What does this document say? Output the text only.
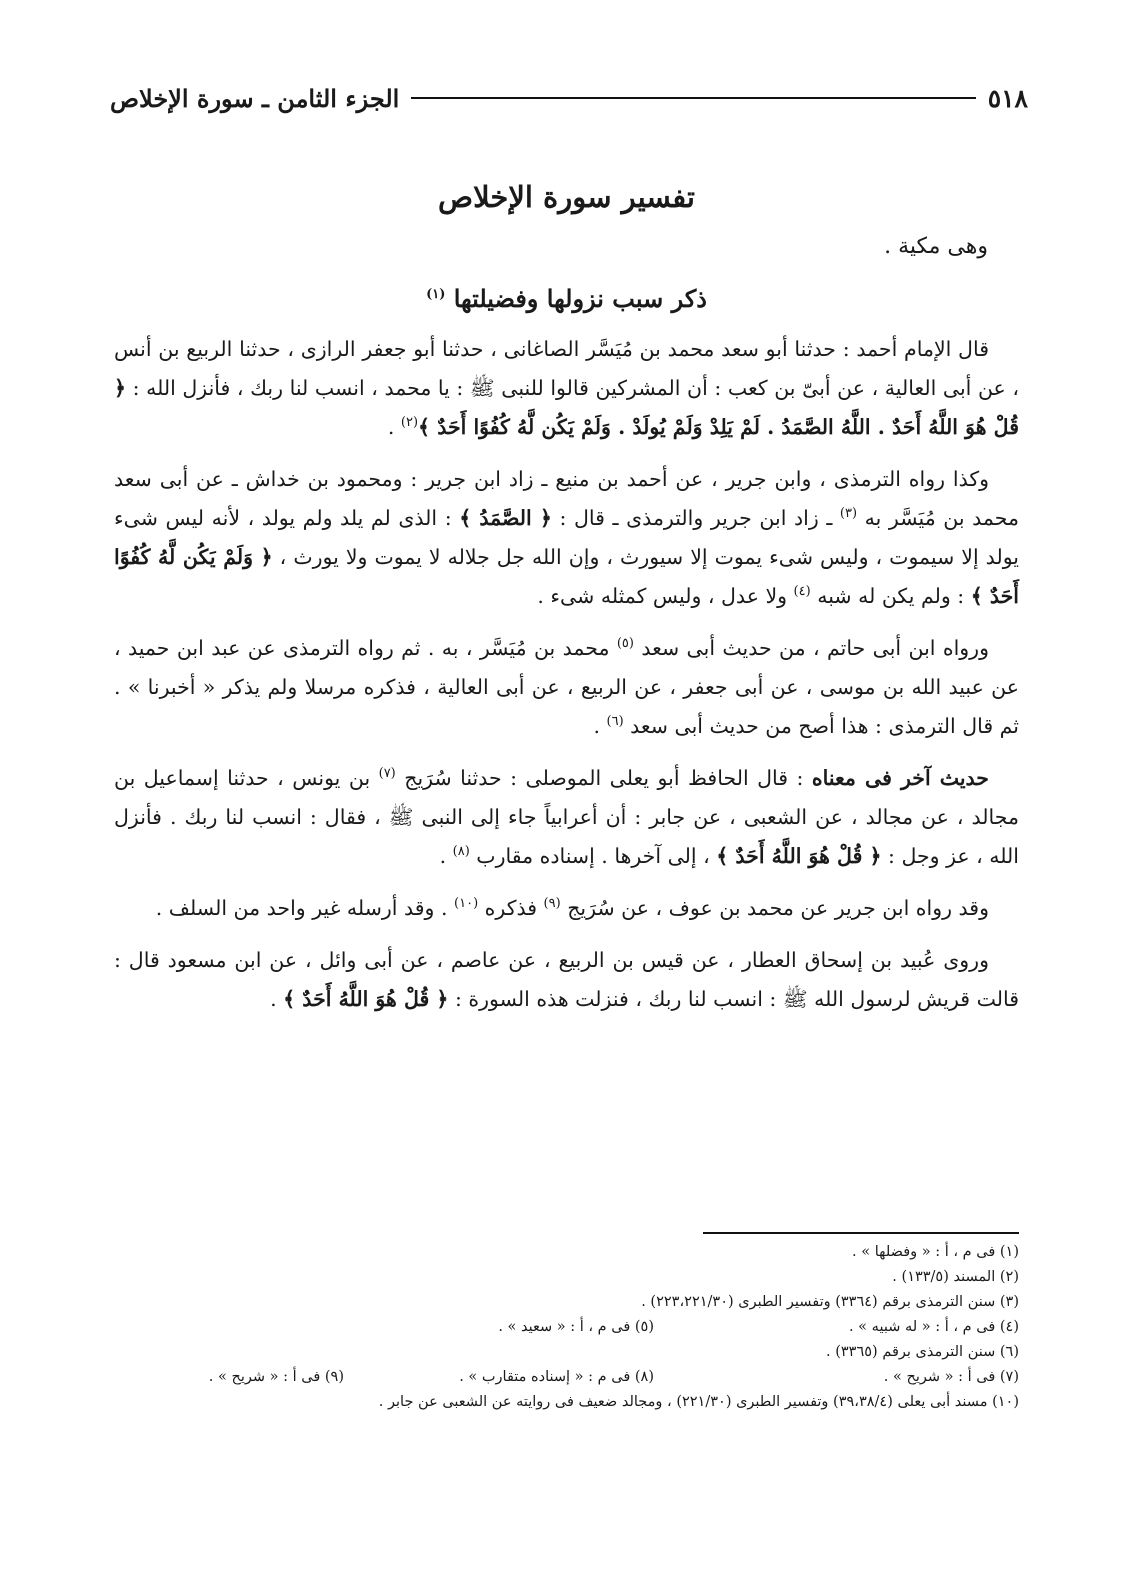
٥١٨
الجزء الثامن ـ سورة الإخلاص
تفسير سورة الإخلاص
وهى مكية .
ذكر سبب نزولها وفضيلتها $^{(١)}$

قال الإمام أحمد : حدثنا أبو سعد محمد بن مُيَسَّر الصاغانى ، حدثنا أبو جعفر الرازى ، حدثنا الربيع بن أنس ، عن أبى العالية ، عن أبىّ بن كعب : أن المشركين قالوا للنبى ﷺ : يا محمد ، انسب لنا ربك ، فأنزل الله : ﴿ قُلْ هُوَ اللَّهُ أَحَدٌ . اللَّهُ الصَّمَدُ . لَمْ يَلِدْ وَلَمْ يُولَدْ . وَلَمْ يَكُن لَّهُ كُفُوًا أَحَدٌ ﴾$^{(٢)}$ .

وكذا رواه الترمذى ، وابن جرير ، عن أحمد بن منيع ـ زاد ابن جرير : ومحمود بن خداش ـ عن أبى سعد محمد بن مُيَسَّر به $^{(٣)}$ ـ زاد ابن جرير والترمذى ـ قال : ﴿ الصَّمَدُ ﴾ : الذى لم يلد ولم يولد ، لأنه ليس شىء يولد إلا سيموت ، وليس شىء يموت إلا سيورث ، وإن الله جل جلاله لا يموت ولا يورث ، ﴿ وَلَمْ يَكُن لَّهُ كُفُوًا أَحَدٌ ﴾ : ولم يكن له شبه $^{(٤)}$ ولا عدل ، وليس كمثله شىء .

ورواه ابن أبى حاتم ، من حديث أبى سعد $^{(٥)}$ محمد بن مُيَسَّر ، به . ثم رواه الترمذى عن عبد ابن حميد ، عن عبيد الله بن موسى ، عن أبى جعفر ، عن الربيع ، عن أبى العالية ، فذكره مرسلا ولم يذكر « أخبرنا » . ثم قال الترمذى : هذا أصح من حديث أبى سعد $^{(٦)}$ .

حديث آخر فى معناه : قال الحافظ أبو يعلى الموصلى : حدثنا سُرَيج $^{(٧)}$ بن يونس ، حدثنا إسماعيل بن مجالد ، عن مجالد ، عن الشعبى ، عن جابر : أن أعرابياً جاء إلى النبى ﷺ ، فقال : انسب لنا ربك . فأنزل الله ، عز وجل : ﴿ قُلْ هُوَ اللَّهُ أَحَدٌ ﴾ ، إلى آخرها . إسناده مقارب $^{(٨)}$ .

وقد رواه ابن جرير عن محمد بن عوف ، عن سُرَيج $^{(٩)}$ فذكره $^{(١٠)}$ . وقد أرسله غير واحد من السلف .

وروى عُبيد بن إسحاق العطار ، عن قيس بن الربيع ، عن عاصم ، عن أبى وائل ، عن ابن مسعود قال : قالت قريش لرسول الله ﷺ : انسب لنا ربك ، فنزلت هذه السورة : ﴿ قُلْ هُوَ اللَّهُ أَحَدٌ ﴾ .

(١) فى م ، أ : « وفضلها » .
(٢) المسند (١٣٣/٥) .
(٣) سنن الترمذى برقم (٣٣٦٤) وتفسير الطبرى (٢٢٣،٢٢١/٣٠) .
(٤) فى م ، أ : « له شبيه » .
(٥) فى م ، أ : « سعيد » .
(٦) سنن الترمذى برقم (٣٣٦٥) .
(٧) فى أ : « شريح » .
(٨) فى م : « إسناده متقارب » .
(٩) فى أ : « شريح » .
(١٠) مسند أبى يعلى (٣٩،٣٨/٤) وتفسير الطبرى (٢٢١/٣٠) ، ومجالد ضعيف فى روايته عن الشعبى عن جابر .
